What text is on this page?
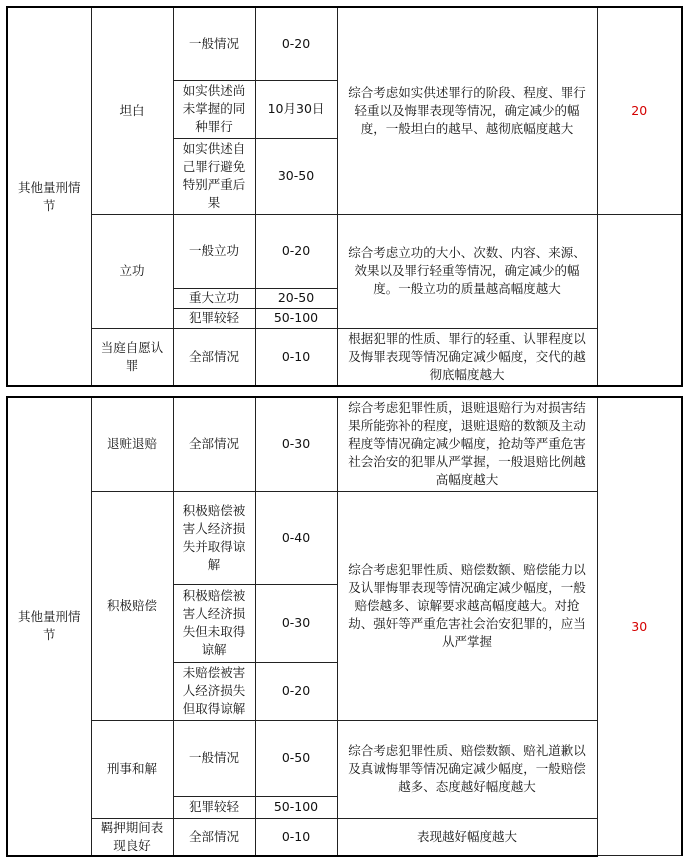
其他量刑情节	坦白	一般情况	0-20	综合考虑如实供述罪行的阶段、程度、罪行轻重以及悔罪表现等情况，确定减少的幅度，一般坦白的越早、越彻底幅度越大	20
		如实供述尚未掌握的同种罪行	10月30日		
		如实供述自己罪行避免特别严重后果	30-50		
	立功	一般立功	0-20	综合考虑立功的大小、次数、内容、来源、效果以及罪行轻重等情况，确定减少的幅度。一般立功的质量越高幅度越大	
		重大立功	20-50		
		犯罪较轻	50-100		
	当庭自愿认罪	全部情况	0-10	根据犯罪的性质、罪行的轻重、认罪程度以及悔罪表现等情况确定减少幅度，交代的越彻底幅度越大	
其他量刑情节	退赃退赔	全部情况	0-30	综合考虑犯罪性质，退赃退赔行为对损害结果所能弥补的程度，退赃退赔的数额及主动程度等情况确定减少幅度，抢劫等严重危害社会治安的犯罪从严掌握，一般退赔比例越高幅度越大	30
	积极赔偿	积极赔偿被害人经济损失并取得谅解	0-40	综合考虑犯罪性质、赔偿数额、赔偿能力以及认罪悔罪表现等情况确定减少幅度，一般赔偿越多、谅解要求越高幅度越大。对抢劫、强奸等严重危害社会治安犯罪的，应当从严掌握	
		积极赔偿被害人经济损失但未取得谅解	0-30		
		未赔偿被害人经济损失但取得谅解	0-20		
	刑事和解	一般情况	0-50	综合考虑犯罪性质、赔偿数额、赔礼道歉以及真诚悔罪等情况确定减少幅度，一般赔偿越多、态度越好幅度越大	
		犯罪较轻	50-100		
	羁押期间表现良好	全部情况	0-10	表现越好幅度越大	
